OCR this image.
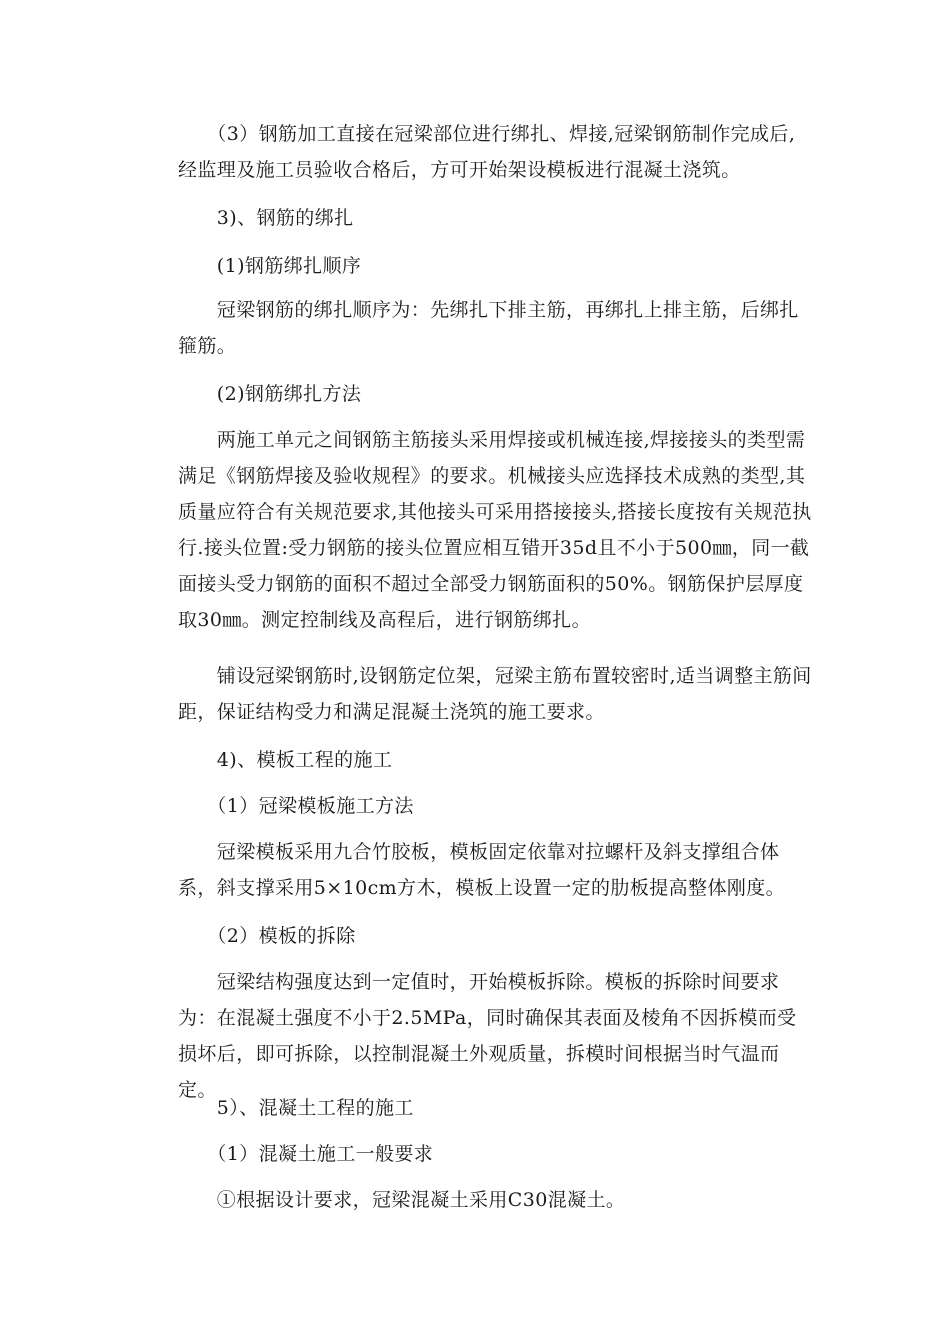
　　（3）钢筋加工直接在冠梁部位进行绑扎、焊接,冠梁钢筋制作完成后,经监理及施工员验收合格后，方可开始架设模板进行混凝土浇筑。

　　3)、钢筋的绑扎

　　(1)钢筋绑扎顺序

　　冠梁钢筋的绑扎顺序为：先绑扎下排主筋，再绑扎上排主筋，后绑扎箍筋。

　　(2)钢筋绑扎方法

　　两施工单元之间钢筋主筋接头采用焊接或机械连接,焊接接头的类型需满足《钢筋焊接及验收规程》的要求。机械接头应选择技术成熟的类型,其质量应符合有关规范要求,其他接头可采用搭接接头,搭接长度按有关规范执行.接头位置:受力钢筋的接头位置应相互错开35d且不小于500㎜，同一截面接头受力钢筋的面积不超过全部受力钢筋面积的50%。钢筋保护层厚度取30㎜。测定控制线及高程后，进行钢筋绑扎。

　　铺设冠梁钢筋时,设钢筋定位架，冠梁主筋布置较密时,适当调整主筋间距，保证结构受力和满足混凝土浇筑的施工要求。

　　4)、模板工程的施工

　　（1）冠梁模板施工方法

　　冠梁模板采用九合竹胶板，模板固定依靠对拉螺杆及斜支撑组合体系，斜支撑采用5×10cm方木，模板上设置一定的肋板提高整体刚度。

　　（2）模板的拆除

　　冠梁结构强度达到一定值时，开始模板拆除。模板的拆除时间要求为：在混凝土强度不小于2.5MPa，同时确保其表面及棱角不因拆模而受损坏后，即可拆除，以控制混凝土外观质量，拆模时间根据当时气温而定。

　　5）、混凝土工程的施工

　　（1）混凝土施工一般要求

　　①根据设计要求，冠梁混凝土采用C30混凝土。
